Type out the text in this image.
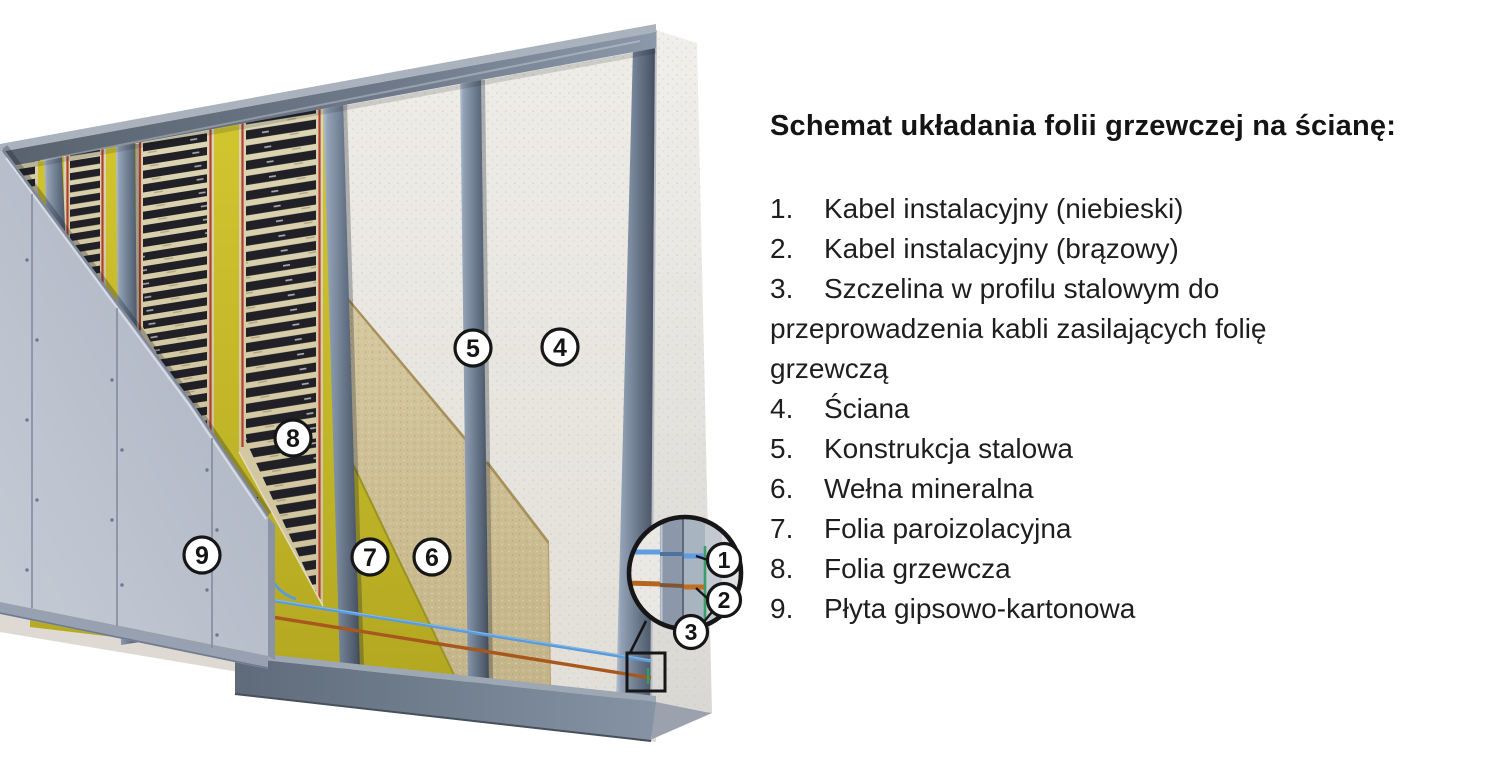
1
2
3
5	4
8
9	7 6
Schemat układania folii grzewczej na ścianę:
1. Kabel instalacyjny (niebieski)
2. Kabel instalacyjny (brązowy)
3. Szczelina w profilu stalowym do przeprowadzenia kabli zasilających folię grzewczą
4. Ściana
5. Konstrukcja stalowa
6. Wełna mineralna
7. Folia paroizolacyjna
8. Folia grzewcza
9. Płyta gipsowo-kartonowa
